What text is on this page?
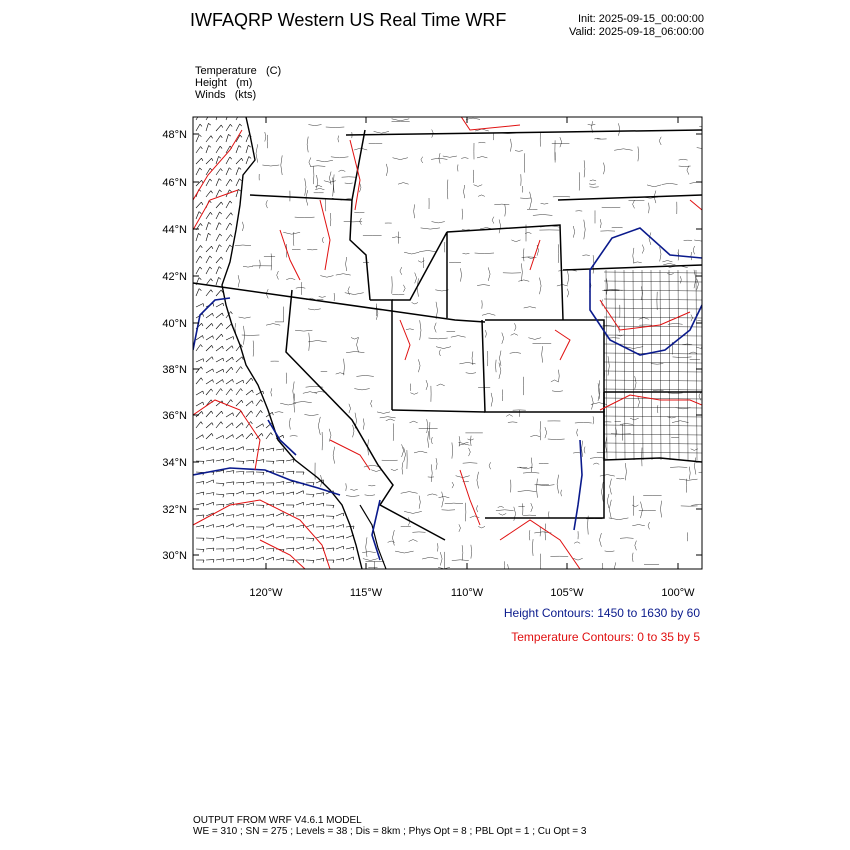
IWFAQRP Western US Real Time WRF	Init: 2025-09-15_00:00:00
Valid: 2025-09-18_06:00:00
Temperature (C)
Height (m)
Winds (kts)
48°N
46°N
44°N
42°N
40°N
38°N
36°N
34°N
32°N
30°N
120°W	115°W	110°W	105°W	100°W
Height Contours: 1450 to 1630 by 60
Temperature Contours: 0 to 35 by 5
OUTPUT FROM WRF V4.6.1 MODEL
WE = 310 ; SN = 275 ; Levels = 38 ; Dis = 8km ; Phys Opt = 8 ; PBL Opt = 1 ; Cu Opt = 3
